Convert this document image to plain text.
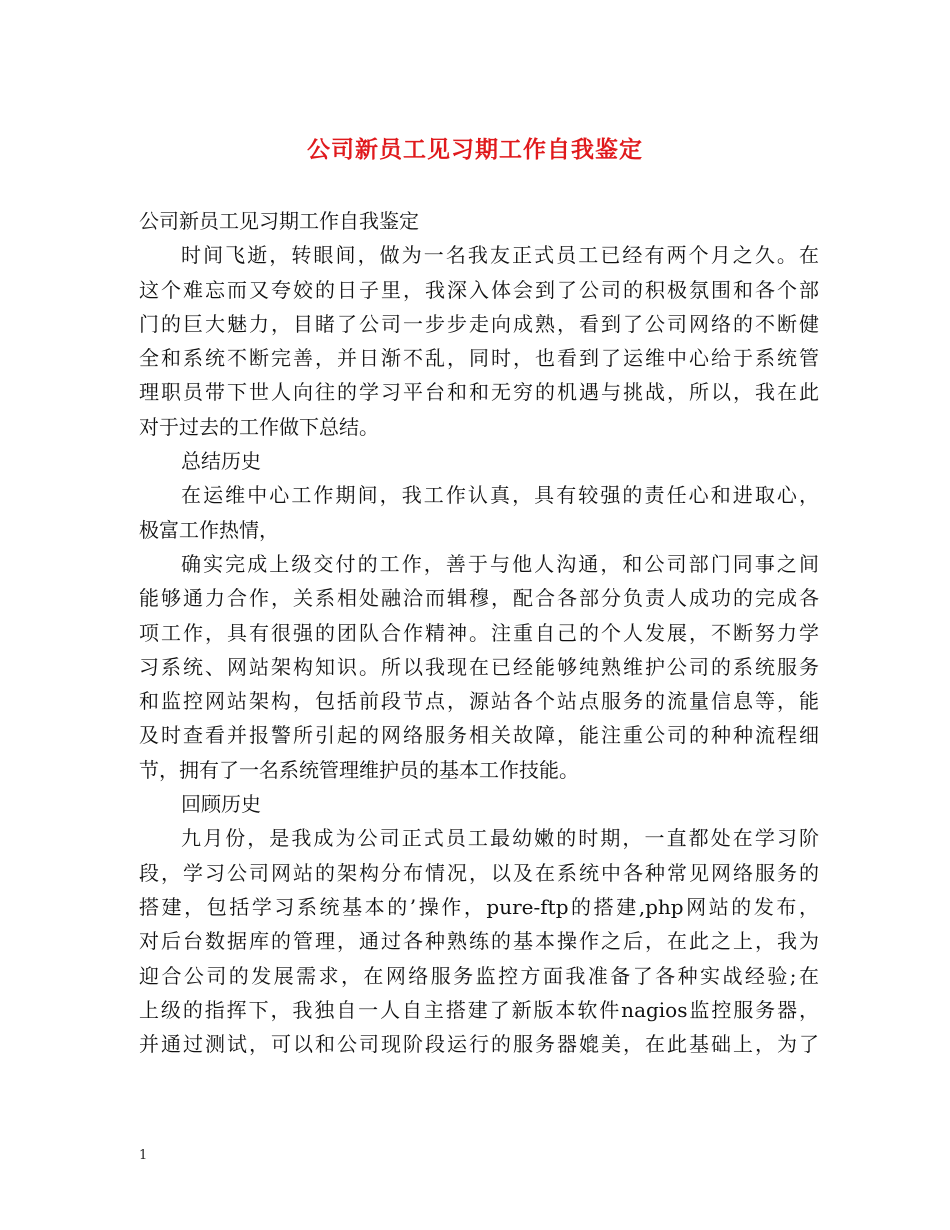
公司新员工见习期工作自我鉴定
公司新员工见习期工作自我鉴定
时间飞逝，转眼间，做为一名我友正式员工已经有两个月之久。在
这个难忘而又夸姣的日子里，我深入体会到了公司的积极氛围和各个部
门的巨大魅力，目睹了公司一步步走向成熟，看到了公司网络的不断健
全和系统不断完善，并日渐不乱，同时，也看到了运维中心给于系统管
理职员带下世人向往的学习平台和和无穷的机遇与挑战，所以，我在此
对于过去的工作做下总结。
总结历史
在运维中心工作期间，我工作认真，具有较强的责任心和进取心，
极富工作热情，
确实完成上级交付的工作，善于与他人沟通，和公司部门同事之间
能够通力合作，关系相处融洽而辑穆，配合各部分负责人成功的完成各
项工作，具有很强的团队合作精神。注重自己的个人发展，不断努力学
习系统、网站架构知识。所以我现在已经能够纯熟维护公司的系统服务
和监控网站架构，包括前段节点，源站各个站点服务的流量信息等，能
及时查看并报警所引起的网络服务相关故障，能注重公司的种种流程细
节，拥有了一名系统管理维护员的基本工作技能。
回顾历史
九月份，是我成为公司正式员工最幼嫩的时期，一直都处在学习阶
段，学习公司网站的架构分布情况，以及在系统中各种常见网络服务的
搭建，包括学习系统基本的’操作，pure-ftp的搭建,php网站的发布，
对后台数据库的管理，通过各种熟练的基本操作之后，在此之上，我为
迎合公司的发展需求，在网络服务监控方面我准备了各种实战经验;在
上级的指挥下，我独自一人自主搭建了新版本软件nagios监控服务器，
并通过测试，可以和公司现阶段运行的服务器媲美，在此基础上，为了
1
